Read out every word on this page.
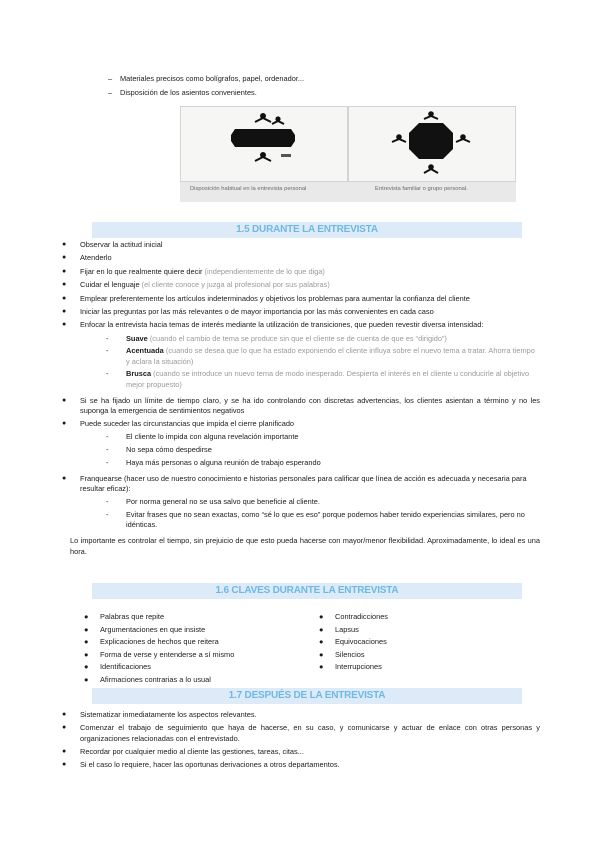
–	Materiales precisos como bolígrafos, papel, ordenador...
–	Disposición de los asientos convenientes.
Disposición habitual en la entrevista personal	Entrevista familiar o grupo personal.
1.5 DURANTE LA ENTREVISTA
●	Observar la actitud inicial
●	Atenderlo
●	Fijar en lo que realmente quiere decir (independientemente de lo que diga)
●	Cuidar el lenguaje (el cliente conoce y juzga al profesional por sus palabras)
●	Emplear preferentemente los artículos indeterminados y objetivos los problemas para aumentar la confianza del cliente
●	Iniciar las preguntas por las más relevantes o de mayor importancia por las más convenientes en cada caso
●	Enfocar la entrevista hacia temas de interés mediante la utilización de transiciones, que pueden revestir diversa intensidad:
-	Suave (cuando el cambio de tema se produce sin que el cliente se de cuenta de que es “dirigido”)
-	Acentuada (cuando se desea que lo que ha estado exponiendo el cliente influya sobre el nuevo tema a tratar. Ahorra tiempo y aclara la situación)
-	Brusca (cuando se introduce un nuevo tema de modo inesperado. Despierta el interés en el cliente u conducirle al objetivo mejor propuesto)
●	Si se ha fijado un límite de tiempo claro, y se ha ido controlando con discretas advertencias, los clientes asientan a término y no les suponga la emergencia de sentimientos negativos
●	Puede suceder las circunstancias que impida el cierre planificado
-	El cliente lo impida con alguna revelación importante
-	No sepa cómo despedirse
-	Haya más personas o alguna reunión de trabajo esperando
●	Franquearse (hacer uso de nuestro conocimiento e historias personales para calificar que línea de acción es adecuada y necesaria para resultar eficaz):
-	Por norma general no se usa salvo que beneficie al cliente.
-	Evitar frases que no sean exactas, como “sé lo que es eso” porque podemos haber tenido experiencias similares, pero no idénticas.
Lo importante es controlar el tiempo, sin prejuicio de que esto pueda hacerse con mayor/menor flexibilidad. Aproximadamente, lo ideal es una hora.
1.6 CLAVES DURANTE LA ENTREVISTA
●	Palabras que repite
●	Argumentaciones en que insiste
●	Explicaciones de hechos que reitera
●	Forma de verse y entenderse a sí mismo
●	Identificaciones
●	Afirmaciones contrarias a lo usual
●	Contradicciones
●	Lapsus
●	Equivocaciones
●	Silencios
●	Interrupciones
1.7 DESPUÉS DE LA ENTREVISTA
●	Sistematizar inmediatamente los aspectos relevantes.
●	Comenzar el trabajo de seguimiento que haya de hacerse, en su caso, y comunicarse y actuar de enlace con otras personas y organizaciones relacionadas con el entrevistado.
●	Recordar por cualquier medio al cliente las gestiones, tareas, citas...
●	Si el caso lo requiere, hacer las oportunas derivaciones a otros departamentos.
